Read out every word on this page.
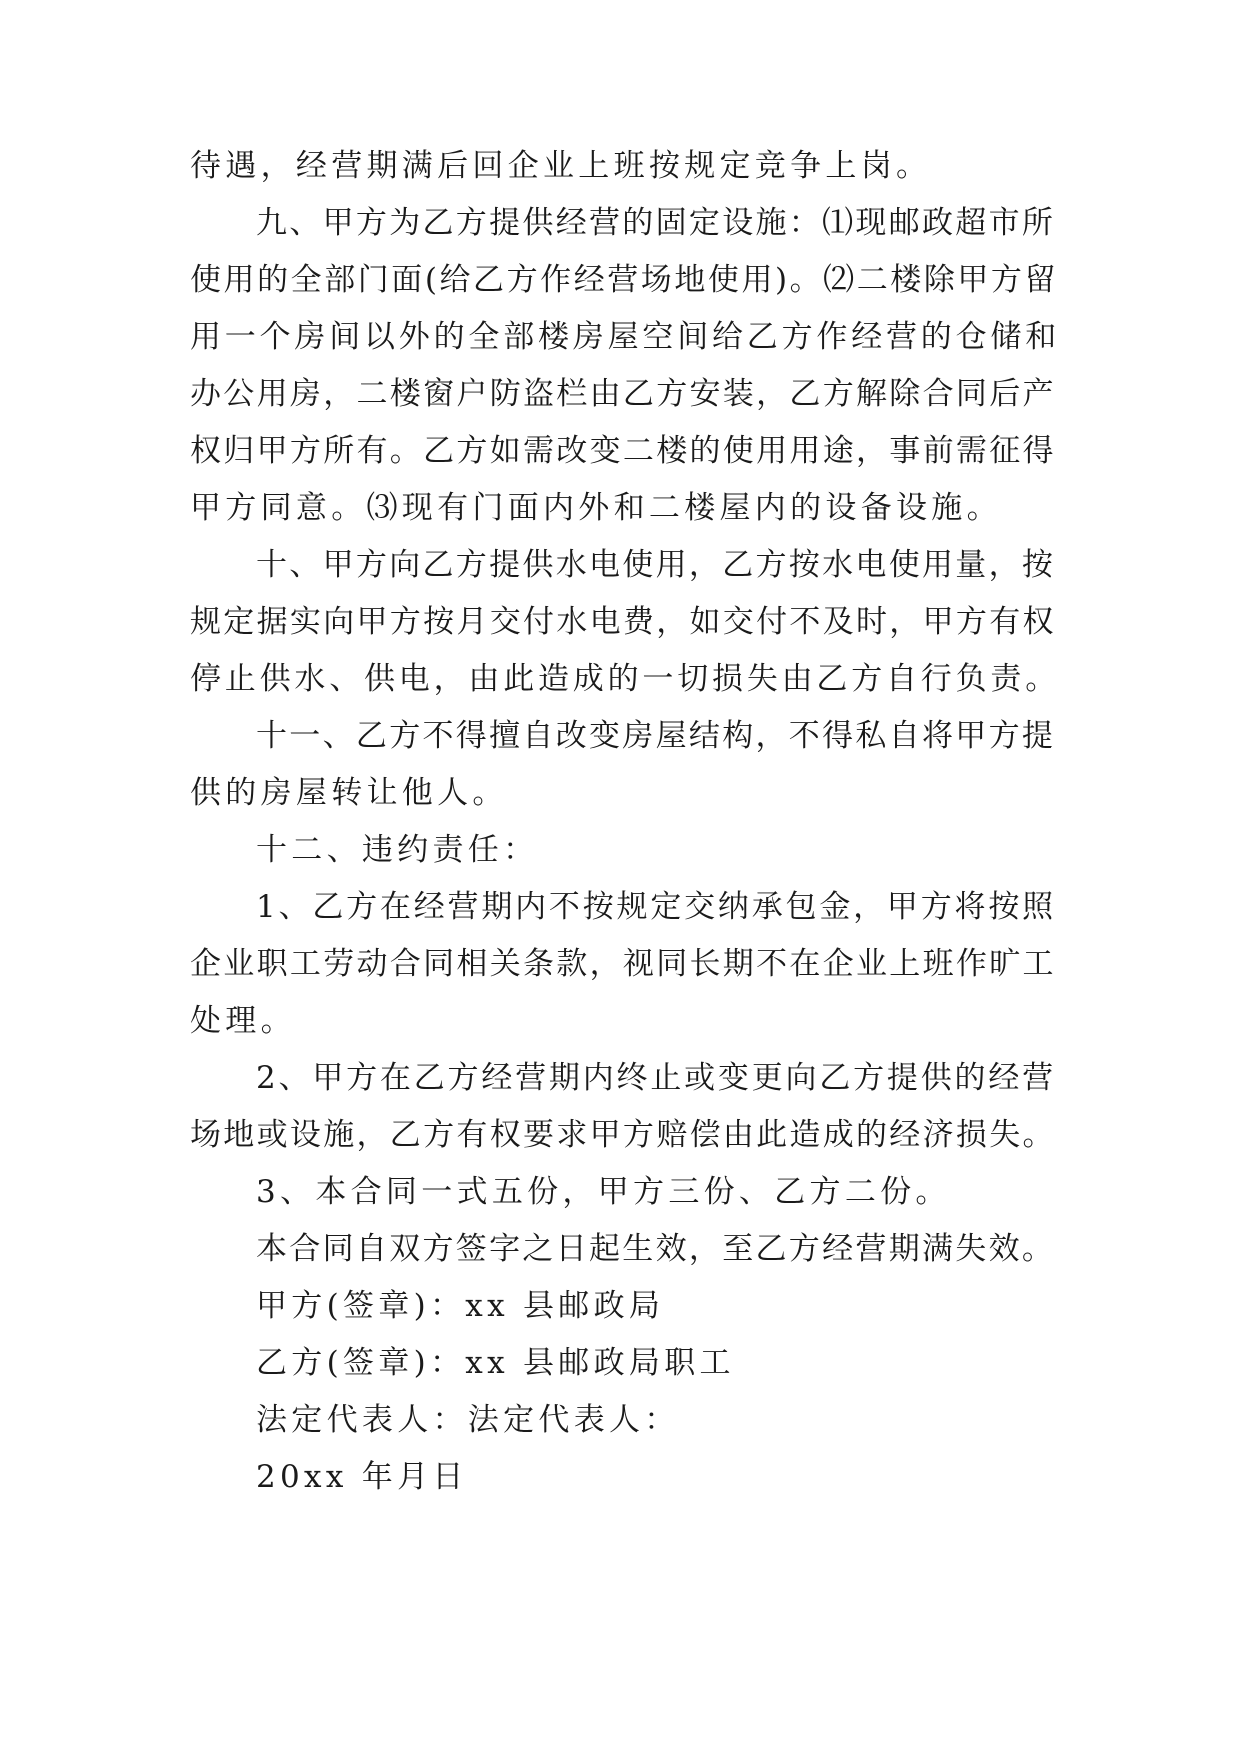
待遇，经营期满后回企业上班按规定竞争上岗。
九、甲方为乙方提供经营的固定设施：⑴现邮政超市所
使用的全部门面(给乙方作经营场地使用)。⑵二楼除甲方留
用一个房间以外的全部楼房屋空间给乙方作经营的仓储和
办公用房，二楼窗户防盗栏由乙方安装，乙方解除合同后产
权归甲方所有。乙方如需改变二楼的使用用途，事前需征得
甲方同意。⑶现有门面内外和二楼屋内的设备设施。
十、甲方向乙方提供水电使用，乙方按水电使用量，按
规定据实向甲方按月交付水电费，如交付不及时，甲方有权
停止供水、供电，由此造成的一切损失由乙方自行负责。
十一、乙方不得擅自改变房屋结构，不得私自将甲方提
供的房屋转让他人。
十二、违约责任：
1、乙方在经营期内不按规定交纳承包金，甲方将按照
企业职工劳动合同相关条款，视同长期不在企业上班作旷工
处理。
2、甲方在乙方经营期内终止或变更向乙方提供的经营
场地或设施，乙方有权要求甲方赔偿由此造成的经济损失。
3、本合同一式五份，甲方三份、乙方二份。
本合同自双方签字之日起生效，至乙方经营期满失效。
甲方(签章)：xx 县邮政局
乙方(签章)：xx 县邮政局职工
法定代表人：法定代表人：
20xx 年月日
